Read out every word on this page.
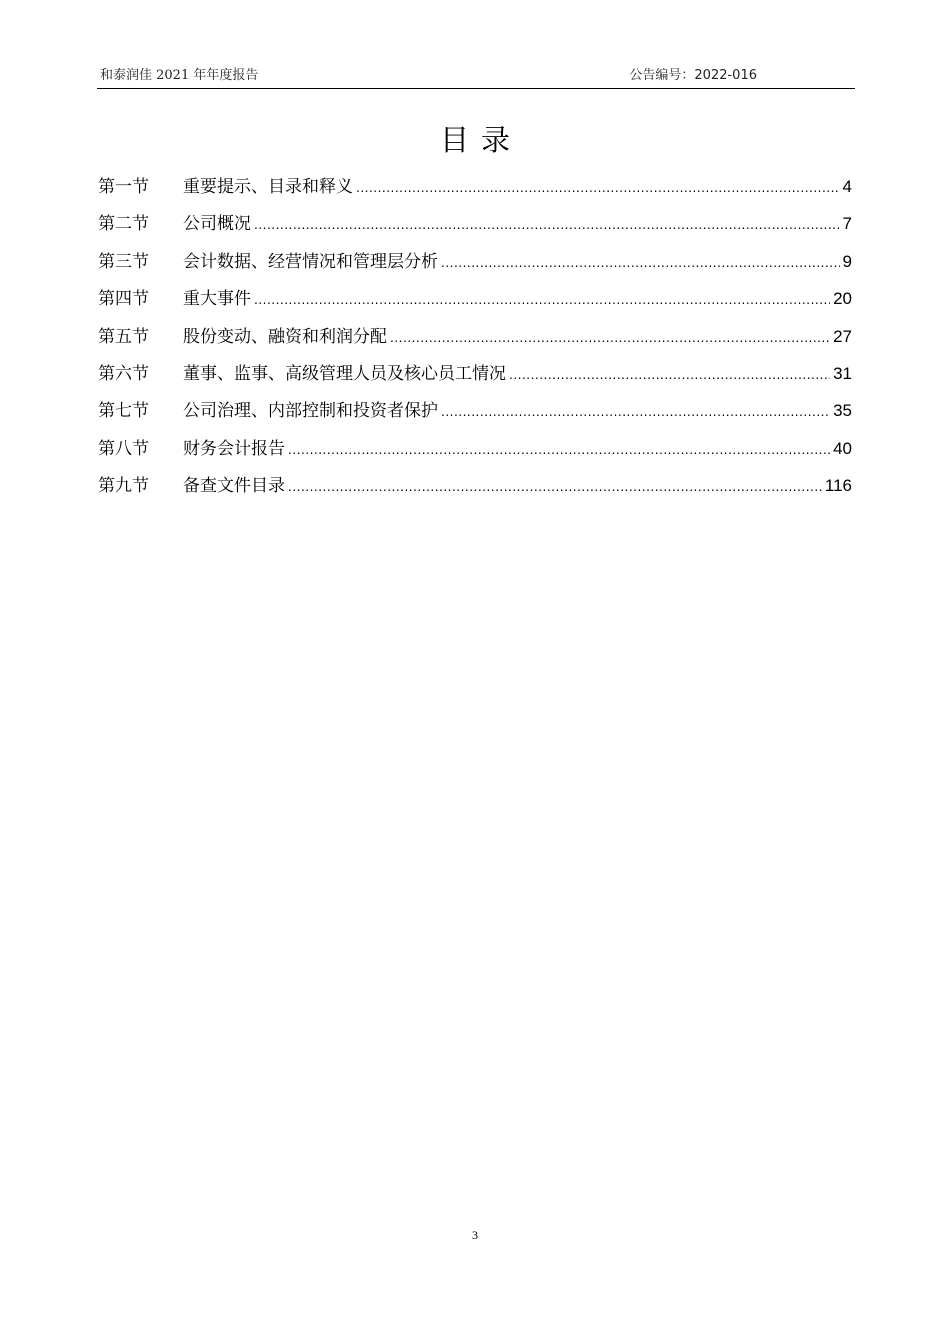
和泰润佳 2021 年年度报告	公告编号：2022-016
目录
第一节	重要提示、目录和释义 .....	4
第二节	公司概况 .....	7
第三节	会计数据、经营情况和管理层分析 .....	9
第四节	重大事件 .....	20
第五节	股份变动、融资和利润分配 .....	27
第六节	董事、监事、高级管理人员及核心员工情况 .....	31
第七节	公司治理、内部控制和投资者保护 .....	35
第八节	财务会计报告 .....	40
第九节	备查文件目录 .....	116
3
